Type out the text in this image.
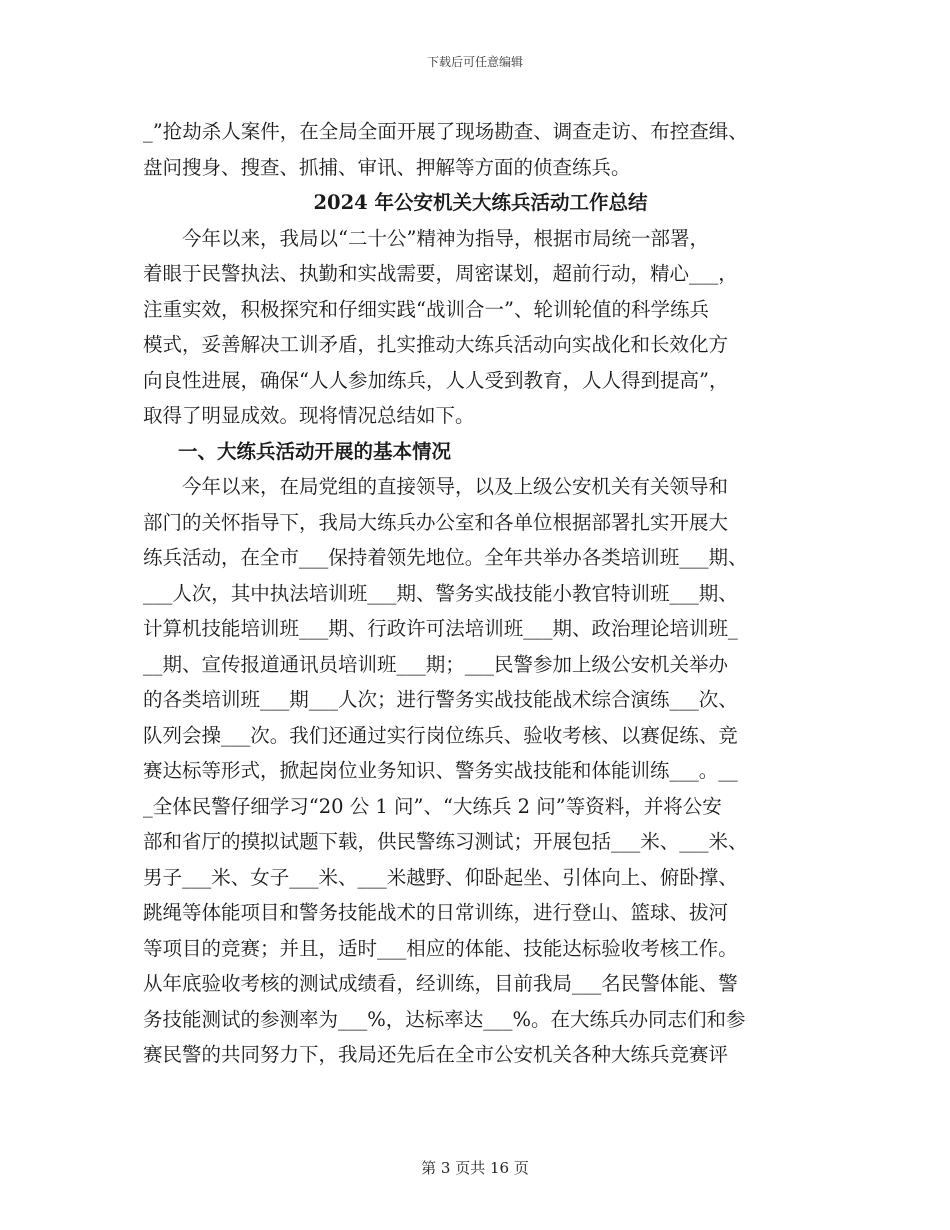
下载后可任意编辑

_”抢劫杀人案件，在全局全面开展了现场勘查、调查走访、布控查缉、

盘问搜身、搜查、抓捕、审讯、押解等方面的侦查练兵。

2024 年公安机关大练兵活动工作总结

今年以来，我局以“二十公”精神为指导，根据市局统一部署，

着眼于民警执法、执勤和实战需要，周密谋划，超前行动，精心___，

注重实效，积极探究和仔细实践“战训合一”、轮训轮值的科学练兵

模式，妥善解决工训矛盾，扎实推动大练兵活动向实战化和长效化方

向良性进展，确保“人人参加练兵，人人受到教育，人人得到提高”，

取得了明显成效。现将情况总结如下。

一、大练兵活动开展的基本情况

今年以来，在局党组的直接领导，以及上级公安机关有关领导和

部门的关怀指导下，我局大练兵办公室和各单位根据部署扎实开展大

练兵活动，在全市___保持着领先地位。全年共举办各类培训班___期、

___人次，其中执法培训班___期、警务实战技能小教官特训班___期、

计算机技能培训班___期、行政许可法培训班___期、政治理论培训班_

__期、宣传报道通讯员培训班___期；___民警参加上级公安机关举办

的各类培训班___期___人次；进行警务实战技能战术综合演练___次、

队列会操___次。我们还通过实行岗位练兵、验收考核、以赛促练、竞

赛达标等形式，掀起岗位业务知识、警务实战技能和体能训练___。__

_全体民警仔细学习“20 公 1 问”、“大练兵 2 问”等资料，并将公安

部和省厅的摸拟试题下载，供民警练习测试；开展包括___米、___米、

男子___米、女子___米、___米越野、仰卧起坐、引体向上、俯卧撑、

跳绳等体能项目和警务技能战术的日常训练，进行登山、篮球、拔河

等项目的竞赛；并且，适时___相应的体能、技能达标验收考核工作。

从年底验收考核的测试成绩看，经训练，目前我局___名民警体能、警

务技能测试的参测率为___%，达标率达___%。在大练兵办同志们和参

赛民警的共同努力下，我局还先后在全市公安机关各种大练兵竞赛评

第 3 页共 16 页
